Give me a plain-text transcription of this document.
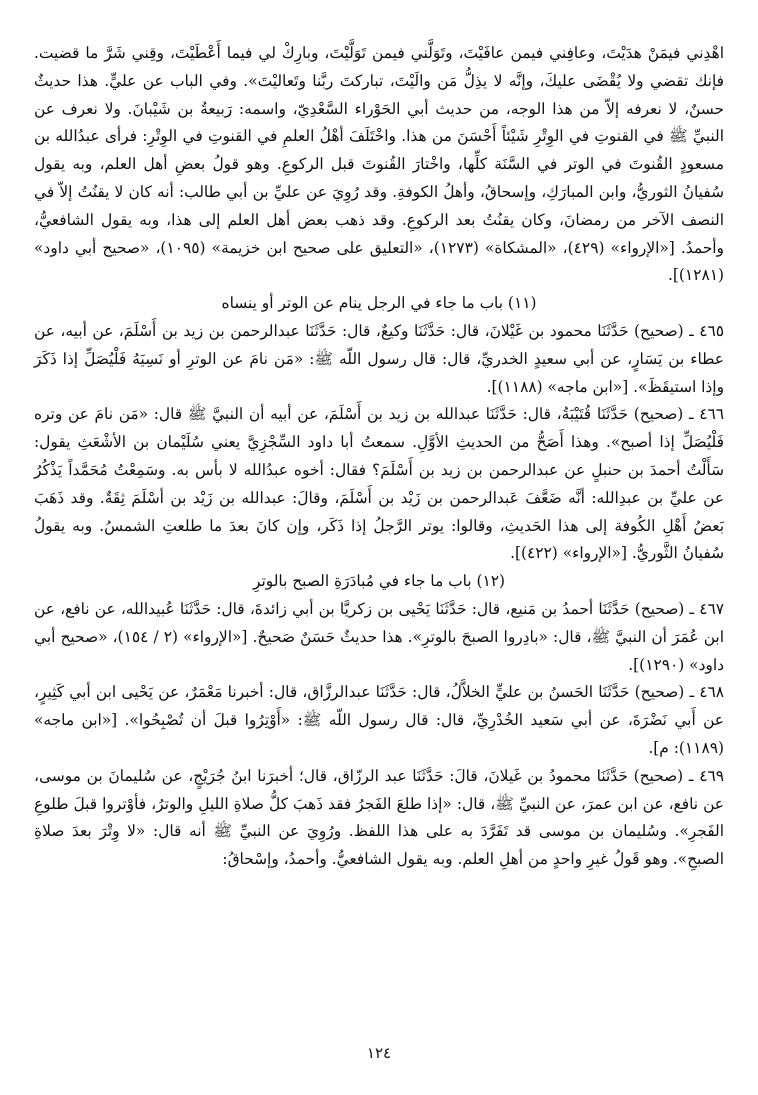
اهْدِني فيمَنْ هدَيْتَ، وعافِني فيمن عافَيْتَ، وتَوَلَّني فيمن تَوَلَّيْتَ، وبارِكْ لي فيما أَعْطَيْتَ، وقِني شَرَّ ما قضيت. فإنك تقضي ولا يُقْضَى عليكَ، وإنَّه لا يذِلُّ مَن والَيْتَ، تباركتَ ربَّنا وتَعاليْتَ». وفي الباب عن عليٍّ. هذا حديثٌ حسنٌ، لا نعرفه إلاّ من هذا الوجه، من حديث أبي الحَوْراء السَّعْدِيّ، واسمه: رَبيعةُ بن شَيْبانَ. ولا نعرف عن النبيِّ ﷺ في القنوتِ في الوِتْرِ شَيْئاً أَحْسَنَ من هذا. واخْتَلَفَ أهْلُ العلمِ في القنوتِ في الوِتْرِ: فرأى عبدُالله بن مسعودٍ القُنوتَ في الوتر في السَّنَة كلِّها، واخْتارَ القُنوتَ قبل الركوعِ. وهو قولُ بعضِ أهل العلم، وبه يقول سُفيانُ الثوريُّ، وابن المبارَكِ، وإسحاقُ، وأهلُ الكوفةِ. وقد رُوِيَ عن عليِّ بن أبي طالب: أنه كان لا يقنُتُ إلاّ في النصف الآخر من رمضانَ، وكان يقنُتُ بعد الركوعِ. وقد ذهب بعض أهل العلم إلى هذا، وبه يقول الشافعيُّ، وأحمدُ. [«الإرواء» (٤٢٩)، «المشكاة» (١٢٧٣)، «التعليق على صحيح ابن خزيمة» (١٠٩٥)، «صحيح أبي داود» (١٢٨١)].

(١١) باب ما جاء في الرجل ينام عن الوتر أو ينساه

٤٦٥ ـ (صحيح) حَدَّثَنَا محمود بن غَيْلانَ، قال: حَدَّثَنَا وكيعٌ، قال: حَدَّثَنَا عبدالرحمن بن زيد بن أَسْلَمَ، عن أبيه، عن عطاء بن يَسَارٍ، عن أبي سعيدٍ الخدريِّ، قال: قال رسول اللّه ﷺ: «مَن نامَ عن الوترِ أو نَسِيَهُ فَلْيُصَلِّ إذا ذَكَرَ وإذا استيقَظَ». [«ابن ماجه» (١١٨٨)].

٤٦٦ ـ (صحيح) حَدَّثَنَا قُتَيْبَةُ، قال: حَدَّثَنَا عبدالله بن زيد بن أَسْلَمَ، عن أبيه أن النبيَّ ﷺ قال: «مَن نامَ عن وتره فَلْيُصَلِّ إذا أصبح». وهذا أَصَحُّ من الحديثِ الأوَّلِ. سمعتُ أبا داود السِّجْزِيَّ يعني سُلَيْمان بن الأشْعَثِ يقول: سَأَلْتُ أحمدَ بن حنبلٍ عن عبدالرحمن بن زيد بن أَسْلَمَ؟ فقال: أخوه عبدُالله لا بأس به. وسَمِعْتُ مُحَمَّداً يَذْكُرُ عن عليِّ بن عبدِالله: أنَّه ضَعَّفَ عَبدالرحمن بن زَيْد بن أَسْلَمَ، وقالَ: عبدالله بن زَيْد بن أسْلَمَ ثِقَةٌ. وقد ذَهَبَ بَعضُ أَهْلِ الكُوفة إلى هذا الحَديثِ، وقالوا: يوتر الرَّجلُ إذا ذَكَر، وإن كانَ بعدَ ما طلعتِ الشمسُ. وبه يقولُ سُفيانُ الثَّوريُّ. [«الإرواء» (٤٢٢)].

(١٢) باب ما جاء في مُبادَرَةِ الصبح بالوترِ

٤٦٧ ـ (صحيح) حَدَّثَنَا أحمدُ بن مَنيع، قال: حَدَّثَنَا يَحْيى بن زكريَّا بن أبي زائدةَ، قال: حَدَّثَنَا عُبيدالله، عن نافع، عن ابن عُمَرَ أن النبيَّ ﷺ، قال: «بادِروا الصبحَ بالوترِ». هذا حديثٌ حَسَنٌ صَحيحٌ. [«الإرواء» (٢ / ١٥٤)، «صحيح أبي داود» (١٢٩٠)].

٤٦٨ ـ (صحيح) حَدَّثَنَا الحَسنُ بن عليٍّ الخلاَّلُ، قال: حَدَّثَنَا عبدالرزَّاق، قال: أخبرنا مَعْمَرٌ، عن يَحْيى ابن أبي كَثِيرٍ، عن أَبي نَضْرَةَ، عن أبي سَعيد الخُدْرِيِّ، قال: قال رسول اللّه ﷺ: «أَوْتِرُوا قبلَ أن تُصْبِحُوا». [«ابن ماجه» (١١٨٩): م].

٤٦٩ ـ (صحيح) حَدَّثَنَا محمودُ بن غَيلانَ، قالَ: حَدَّثَنَا عبد الرزّاق، قال؛ أخبرَنا ابنُ جُرَيْجٍ، عن سُليمانَ بن موسى، عن نافع، عن ابن عمرَ، عن النبيِّ ﷺ، قال: «إذا طلعَ الفَجرُ فقد ذَهبَ كلُّ صلاةِ الليلِ والوترُ، فأوْتروا قبلَ طلوعِ الفَجرِ». وسُليمان بن موسى قد تَفَرَّدَ به على هذا اللفظ. ورُوِيَ عن النبيِّ ﷺ أنه قال: «لا وِتْرَ بعدَ صلاةِ الصبحِ». وهو قَولُ غيرِ واحدٍ من أهلِ العلم. وبه يقول الشافعيُّ. وأحمدُ، وإسْحاقُ:

١٢٤
